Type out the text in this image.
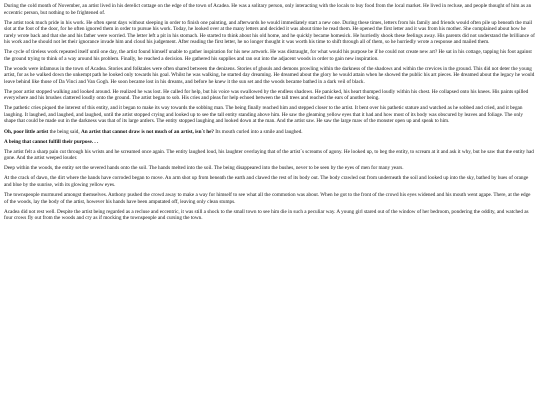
During the cold month of November, an artist lived in his derelict cottage on the edge of the town of Acadea. He was a solitary person, only interacting with the locals to buy food from the local market. He lived in recluse, and people thought of him as an eccentric person, but nothing to be frightened of.

The artist took much pride in his work. He often spent days without sleeping in order to finish one painting, and afterwards he would immediately start a new one. During these times, letters from his family and friends would often pile up beneath the mail slot at the foot of the door, for he often ignored them in order to pursue his work. Today, he looked over at the many letters and decided it was about time he read them. He opened the first letter and it was from his mother. She complained about how he rarely wrote back and that she and his father were worried. The letter left a pit in his stomach. He started to think about his old home, and he quickly became homesick. He hurriedly shook these feelings away. His parents did not understand the brilliance of his work and he should not let their ignorance invade him and cloud his judgement. After reading the first letter, he no longer thought it was worth his time to shift through all of them, so he hurriedly wrote a response and mailed them.

The cycle of tireless work repeated itself until one day, the artist found himself unable to gather inspiration for his new artwork. He was distraught, for what would his purpose be if he could not create new art? He sat in his cottage, tapping his foot against the ground trying to think of a way around his problem. Finally, he reached a decision. He gathered his supplies and ran out into the adjacent woods in order to gain new inspiration.

The woods were infamous in the town of Acadea. Stories and folktales were often shared between the denizens. Stories of ghouls and demons prowling within the darkness of the shadows and within the crevices in the ground. This did not deter the young artist, for as he walked down the unkempt path he looked only towards his goal. Whilst he was walking, he started day dreaming. He dreamed about the glory he would attain when he showed the public his art pieces. He dreamed about the legacy he would leave behind like those of Da Vinci and Van Gogh. He soon became lost in his dreams, and before he knew it the sun set and the woods became bathed in a dark veil of black.

The poor artist stopped walking and looked around. He realized he was lost. He called for help, but his voice was swallowed by the endless shadows. He panicked, his heart thumped loudly within his chest. He collapsed onto his knees. His paints spilled everywhere and his brushes clattered loudly onto the ground. The artist began to sob. His cries and pleas for help echoed between the tall trees and reached the ears of another being.

The pathetic cries piqued the interest of this entity, and it began to make its way towards the sobbing man. The being finally reached him and stepped closer to the artist. It bent over his pathetic stature and watched as he sobbed and cried, and it began laughing. It laughed, and laughed, and laughed, until the artist stopped crying and looked up to see the tall entity standing above him. He saw the gleaming yellow eyes that it had and how most of its body was obscured by leaves and foliage. The only shape that could be made out in the darkness was that of its large antlers. The entity stopped laughing and looked down at the man. And the artist saw. He saw the large maw of the monster open up and speak to him.

Oh, poor little artist the being said, An artist that cannot draw is not much of an artist, isn´t he? Its mouth curled into a smile and laughed.

A being that cannot fulfill their purpose. . .

The artist felt a sharp pain cut through his wrists and he screamed once again. The entity laughed loud, his laughter overlaying that of the artist´s screams of agony. He looked up, to beg the entity, to scream at it and ask it why, but he saw that the entity had gone. And the artist weeped louder.

Deep within the woods, the entity set the severed hands onto the soil. The hands melted into the soil. The being disappeared into the bushes, never to be seen by the eyes of men for many years.

At the crack of dawn, the dirt where the hands have corroded began to move. An arm shot up from beneath the earth and clawed the rest of its body out. The body crawled out from underneath the soil and looked up into the sky, bathed by hues of orange and blue by the sunrise, with its glowing yellow eyes.

The townspeople murmured amongst themselves. Anthony pushed the crowd away to make a way for himself to see what all the commotion was about. When he got to the front of the crowd his eyes widened and his mouth went agape. There, at the edge of the woods, lay the body of the artist, however his hands have been amputated off, leaving only clean stumps.

Acadea did not rest well. Despite the artist being regarded as a recluse and eccentric, it was still a shock to the small town to see him die in such a peculiar way. A young girl stared out of the window of her bedroom, pondering the oddity, and watched as four crows fly out from the woods and cry as if mocking the townspeople and cursing the town.
